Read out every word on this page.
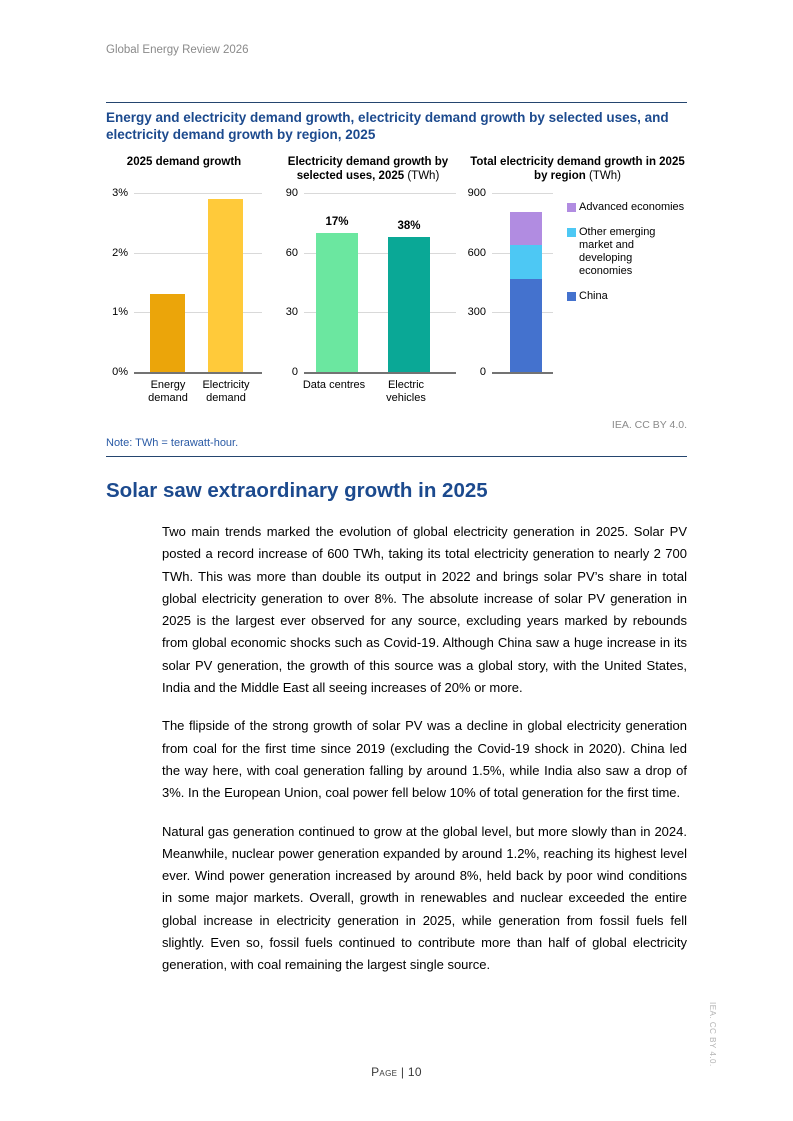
Global Energy Review 2026
Energy and electricity demand growth, electricity demand growth by selected uses, and electricity demand growth by region, 2025
2025 demand growth
3%
2%
1%
0%
Energy demand
Electricity demand
Electricity demand growth by selected uses, 2025 (TWh)
90
60
30
0
17%	38%
Data centres	Electric vehicles
Total electricity demand growth in 2025 by region (TWh)
900
600
300
0
Advanced economies
Other emerging market and developing economies
China
IEA. CC BY 4.0.
Note: TWh = terawatt-hour.
Solar saw extraordinary growth in 2025

Two main trends marked the evolution of global electricity generation in 2025. Solar PV posted a record increase of 600 TWh, taking its total electricity generation to nearly 2 700 TWh. This was more than double its output in 2022 and brings solar PV’s share in total global electricity generation to over 8%. The absolute increase of solar PV generation in 2025 is the largest ever observed for any source, excluding years marked by rebounds from global economic shocks such as Covid-19. Although China saw a huge increase in its solar PV generation, the growth of this source was a global story, with the United States, India and the Middle East all seeing increases of 20% or more.

The flipside of the strong growth of solar PV was a decline in global electricity generation from coal for the first time since 2019 (excluding the Covid-19 shock in 2020). China led the way here, with coal generation falling by around 1.5%, while India also saw a drop of 3%. In the European Union, coal power fell below 10% of total generation for the first time.

Natural gas generation continued to grow at the global level, but more slowly than in 2024. Meanwhile, nuclear power generation expanded by around 1.2%, reaching its highest level ever. Wind power generation increased by around 8%, held back by poor wind conditions in some major markets. Overall, growth in renewables and nuclear exceeded the entire global increase in electricity generation in 2025, while generation from fossil fuels fell slightly. Even so, fossil fuels continued to contribute more than half of global electricity generation, with coal remaining the largest single source.

Page | 10
IEA. CC BY 4.0.
